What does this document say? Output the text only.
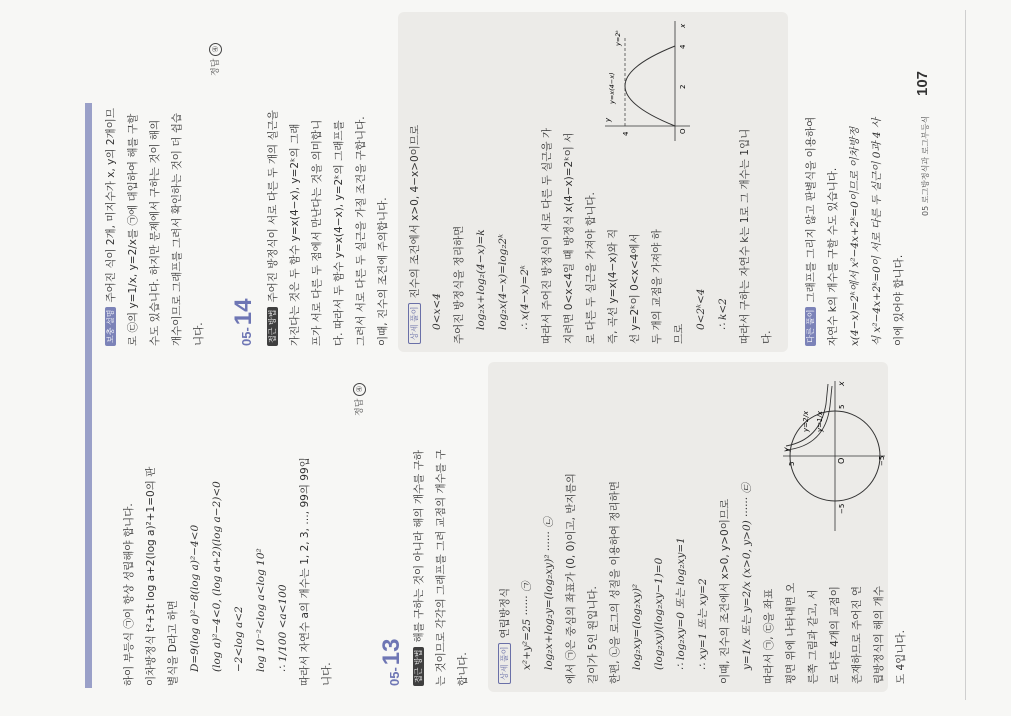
하이 부등식 ㉠이 항상 성립해야 합니다. 이차방정식 t²+3t log a+2(log a)²+1=0의 판 별식을 D라고 하면 D=9(log a)²−8(log a)²−4<0 (log a)²−4<0, (log a+2)(log a−2)<0 −2<log a<2 log 10⁻²<log a<log 10² ∴ 1/100 <a<100 따라서 자연수 a의 개수는 1, 2, 3, …, 99의 99입 니다.

정답④
05-13	접근 방법해를 구하는 것이 아니라 해의 개수를 구하 는 것이므로 각각의 그래프를 그려 교점의 개수를 구 합니다.	상세 풀이연립방정식 x²+y²=25 ······ ㉠ log₂x+log₂y=(log₂xy)² ······ ㉡ 에서 ㉠은 중심의 좌표가 (0, 0)이고, 반지름의 길이가 5인 원입니다. 한편, ㉡을 로그의 성질을 이용하여 정리하면 log₂xy=(log₂xy)² (log₂xy)(log₂xy−1)=0 ∴ log₂xy=0 또는 log₂xy=1 ∴ xy=1 또는 xy=2 이때, 진수의 조건에서 x>0, y>0이므로 y=1/x 또는 y=2/x (x>0, y>0) ······ ㉢ 따라서 ㉠, ㉢을 좌표 평면 위에 나타내면 오 른쪽 그림과 같고, 서 로 다른 4개의 교점이 존재하므로 주어진 연 립방정식의 해의 개수 도 4입니다.

y
x
O
5
−5
5	−5
y=2/x y=1/x

보충 설명주어진 식이 2개, 미지수가 x, y의 2개이므 로 ㉢의 y=1/x, y=2/x를 ㉠에 대입하여 해를 구할 수도 있습니다. 하지만 문제에서 구하는 것이 해의 개수이므로 그래프를 그려서 확인하는 것이 더 쉽습 니다.

정답④
05-14	접근 방법주어진 방정식이 서로 다른 두 개의 실근을 가진다는 것은 두 함수 y=x(4−x), y=2ᵏ의 그래 프가 서로 다른 두 점에서 만난다는 것을 의미합니 다. 따라서 두 함수 y=x(4−x), y=2ᵏ의 그래프를 그려서 서로 다른 두 실근을 가질 조건을 구합니다. 이때, 진수의 조건에 주의합니다.	상세 풀이진수의 조건에서 x>0, 4−x>0이므로

0<x<4 주어진 방정식을 정리하면 log₂x+log₂(4−x)=k log₂x(4−x)=log₂2ᵏ ∴ x(4−x)=2ᵏ 따라서 주어진 방정식이 서로 다른 두 실근을 가 지려면 0<x<4일 때 방정식 x(4−x)=2ᵏ이 서 로 다른 두 실근을 가져야 합니다. 즉, 곡선 y=x(4−x)와 직 선 y=2ᵏ이 0<x<4에서 두 개의 교점을 가져야 하 므로

0<2ᵏ<4 ∴ k<2 따라서 구하는 자연수 k는 1로 그 개수는 1입니 다.

y
x
O
2
4
4
y=x(4−x)
y=2ᵏ

다른 풀이그래프를 그리지 않고 판별식을 이용하여 자연수 k의 개수를 구할 수도 있습니다. x(4−x)=2ᵏ에서 x²−4x+2ᵏ=0이므로 이차방정 식 x²−4x+2ᵏ=0이 서로 다른 두 실근이 0과 4 사 이에 있어야 합니다.

05 로그방정식과 로그부등식
107
